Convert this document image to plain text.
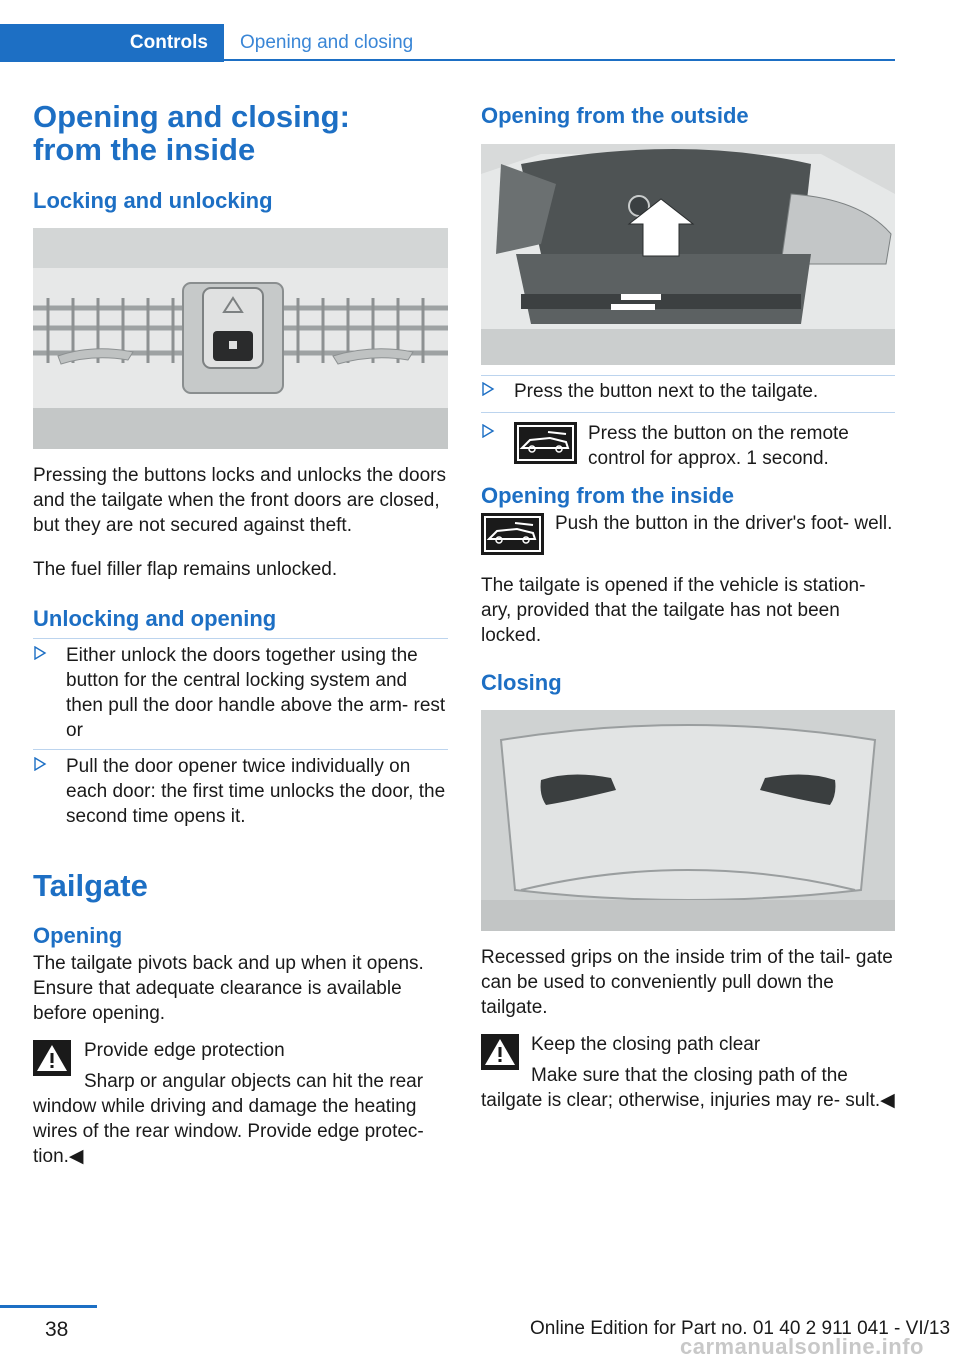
Controls Opening and closing
Opening and closing: from the inside
Locking and unlocking
Pressing the buttons locks and unlocks the doors and the tailgate when the front doors are closed, but they are not secured against theft.
The fuel filler flap remains unlocked.
Unlocking and opening
Either unlock the doors together using the button for the central locking system and then pull the door handle above the arm‐ rest or
Pull the door opener twice individually on each door: the first time unlocks the door, the second time opens it.
Tailgate
Opening
The tailgate pivots back and up when it opens. Ensure that adequate clearance is available before opening.
Provide edge protection
Sharp or angular objects can hit the rear window while driving and damage the heating wires of the rear window. Provide edge protec‐ tion.◀
Opening from the outside
Press the button next to the tailgate.
Press the button on the remote control for approx. 1 second.
Opening from the inside
Push the button in the driver's foot‐ well.
The tailgate is opened if the vehicle is station‐ ary, provided that the tailgate has not been locked.
Closing
Recessed grips on the inside trim of the tail‐ gate can be used to conveniently pull down the tailgate.
Keep the closing path clear
Make sure that the closing path of the tailgate is clear; otherwise, injuries may re‐ sult.◀
38	Online Edition for Part no. 01 40 2 911 041 - VI/13
carmanualsonline.info
